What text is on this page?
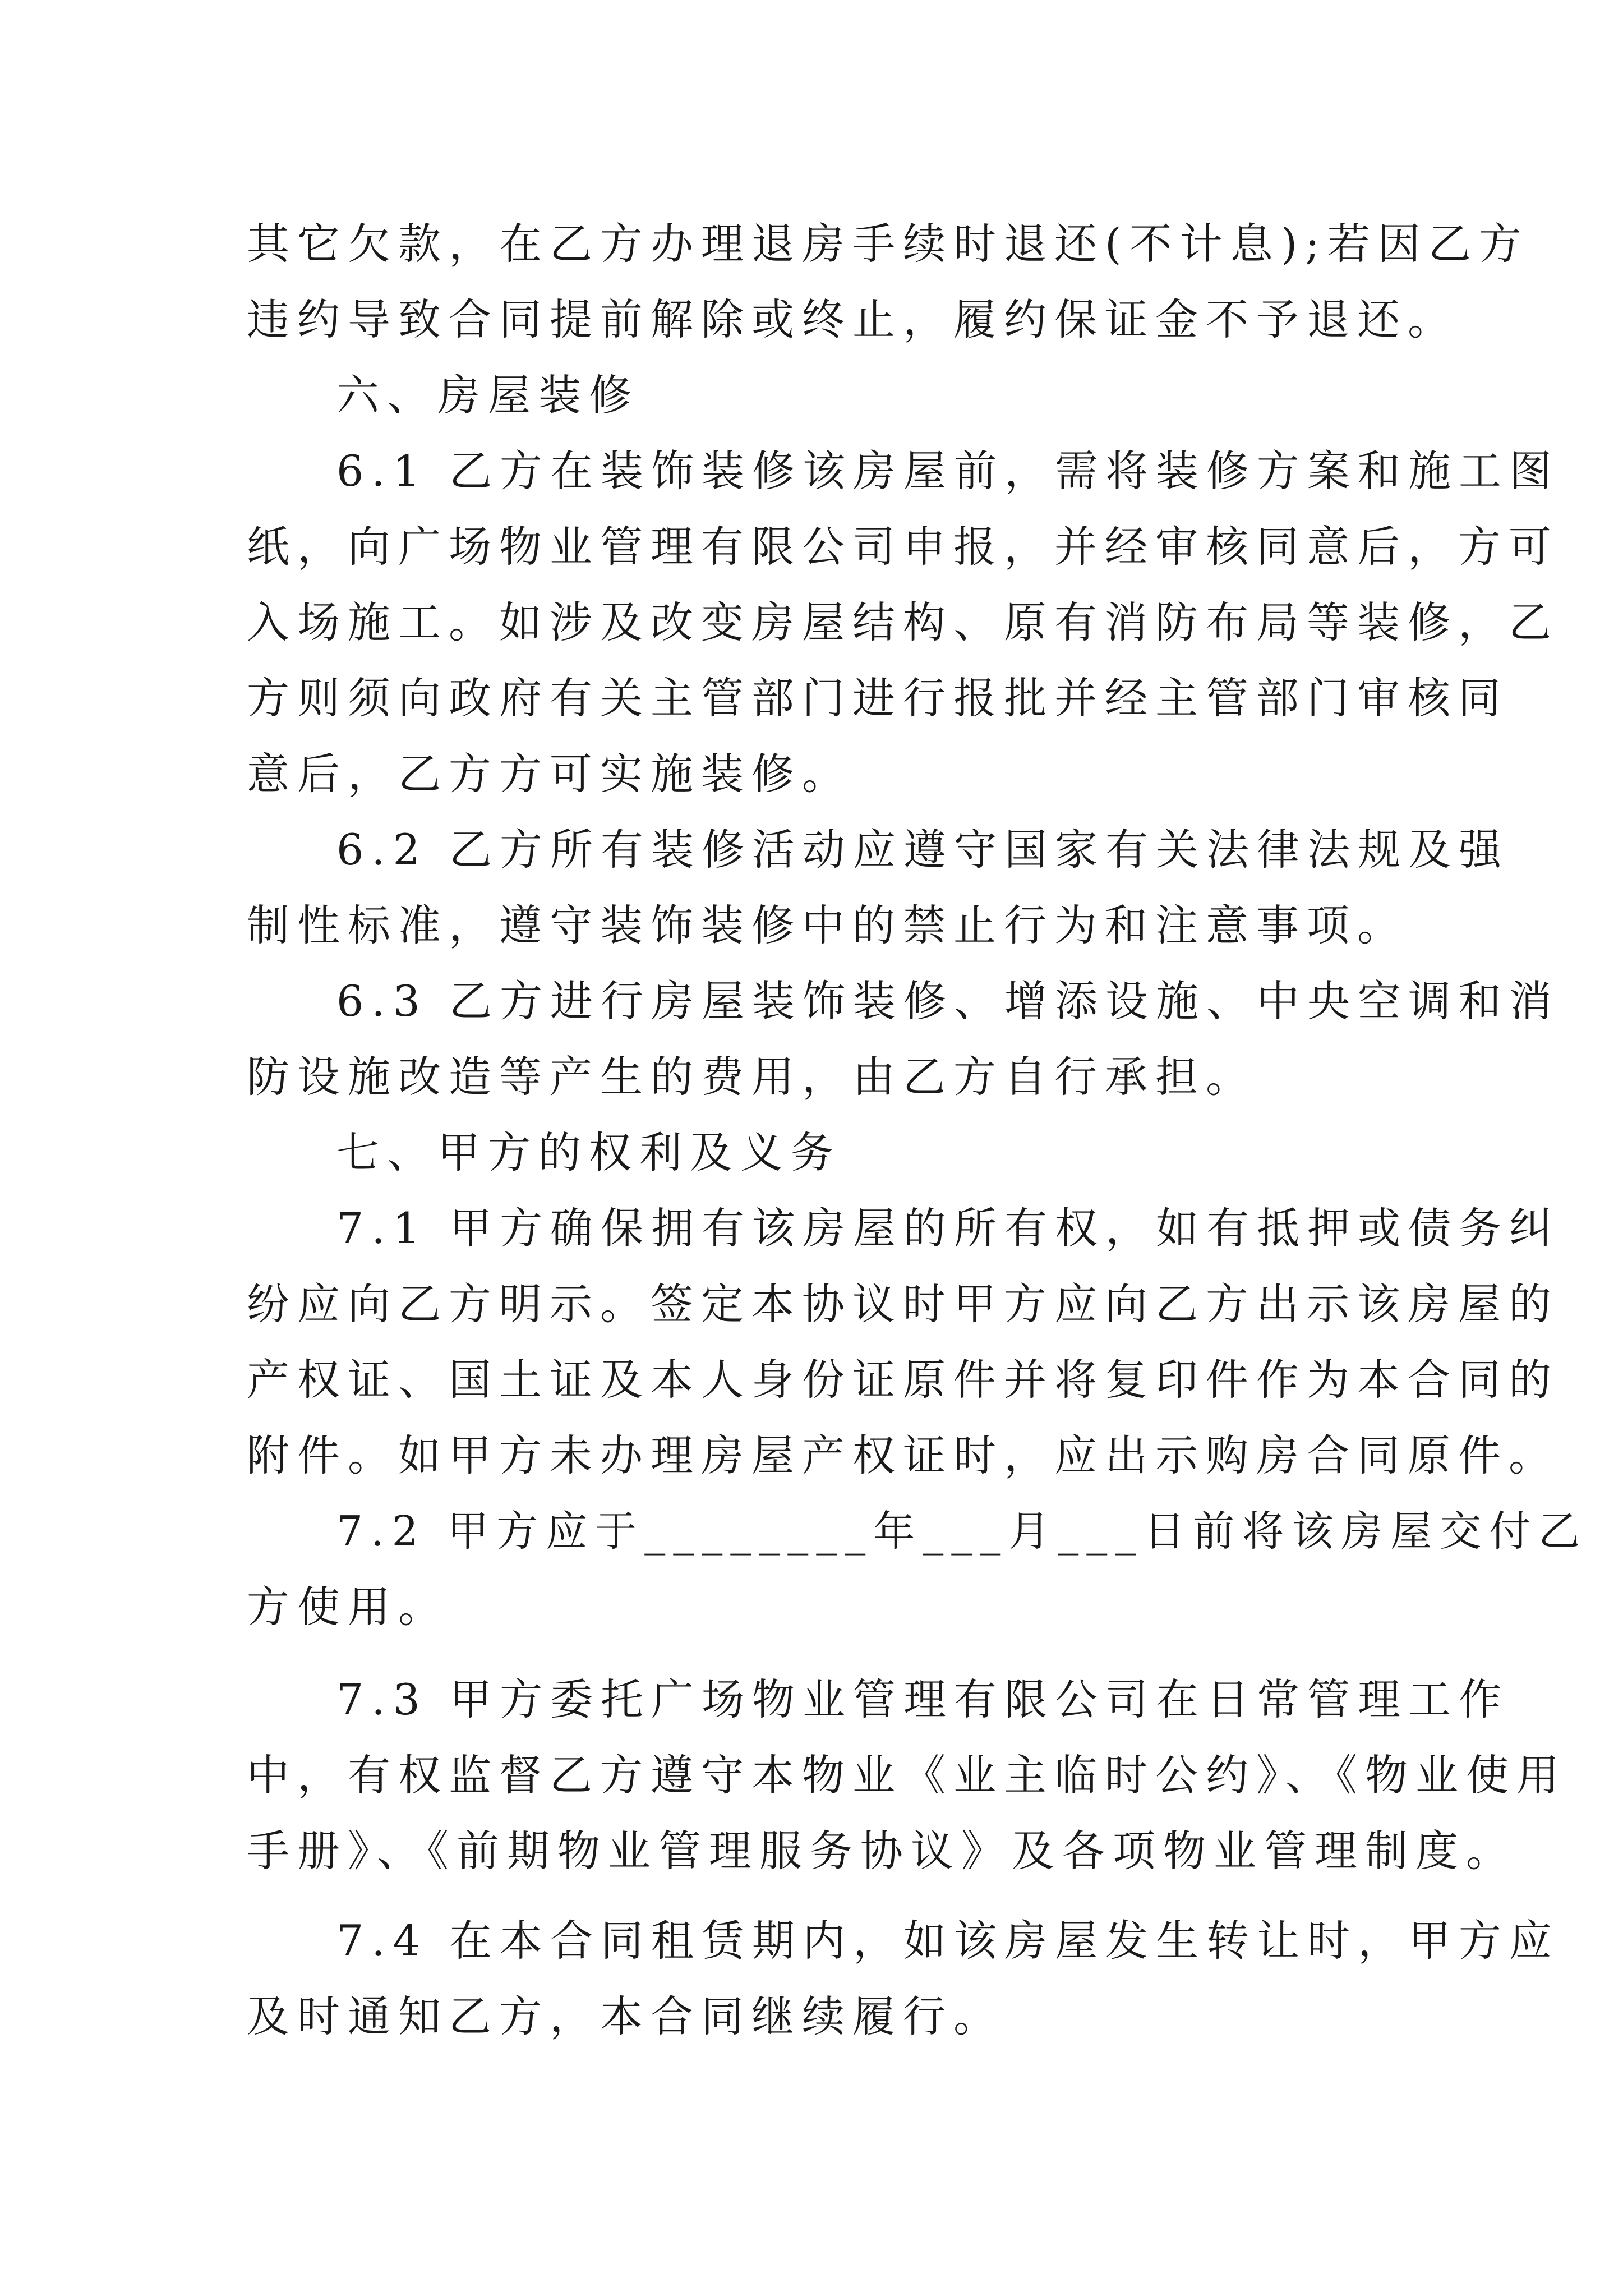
其它欠款，在乙方办理退房手续时退还(不计息);若因乙方

违约导致合同提前解除或终止，履约保证金不予退还。

六、房屋装修

6.1 乙方在装饰装修该房屋前，需将装修方案和施工图

纸，向广场物业管理有限公司申报，并经审核同意后，方可

入场施工。如涉及改变房屋结构、原有消防布局等装修，乙

方则须向政府有关主管部门进行报批并经主管部门审核同

意后，乙方方可实施装修。

6.2 乙方所有装修活动应遵守国家有关法律法规及强

制性标准，遵守装饰装修中的禁止行为和注意事项。

6.3 乙方进行房屋装饰装修、增添设施、中央空调和消

防设施改造等产生的费用，由乙方自行承担。

七、甲方的权利及义务

7.1 甲方确保拥有该房屋的所有权，如有抵押或债务纠

纷应向乙方明示。签定本协议时甲方应向乙方出示该房屋的

产权证、国土证及本人身份证原件并将复印件作为本合同的

附件。如甲方未办理房屋产权证时，应出示购房合同原件。

7.2 甲方应于________年___月___日前将该房屋交付乙

方使用。

7.3 甲方委托广场物业管理有限公司在日常管理工作

中，有权监督乙方遵守本物业《业主临时公约》、《物业使用

手册》、《前期物业管理服务协议》及各项物业管理制度。

7.4 在本合同租赁期内，如该房屋发生转让时，甲方应

及时通知乙方，本合同继续履行。
